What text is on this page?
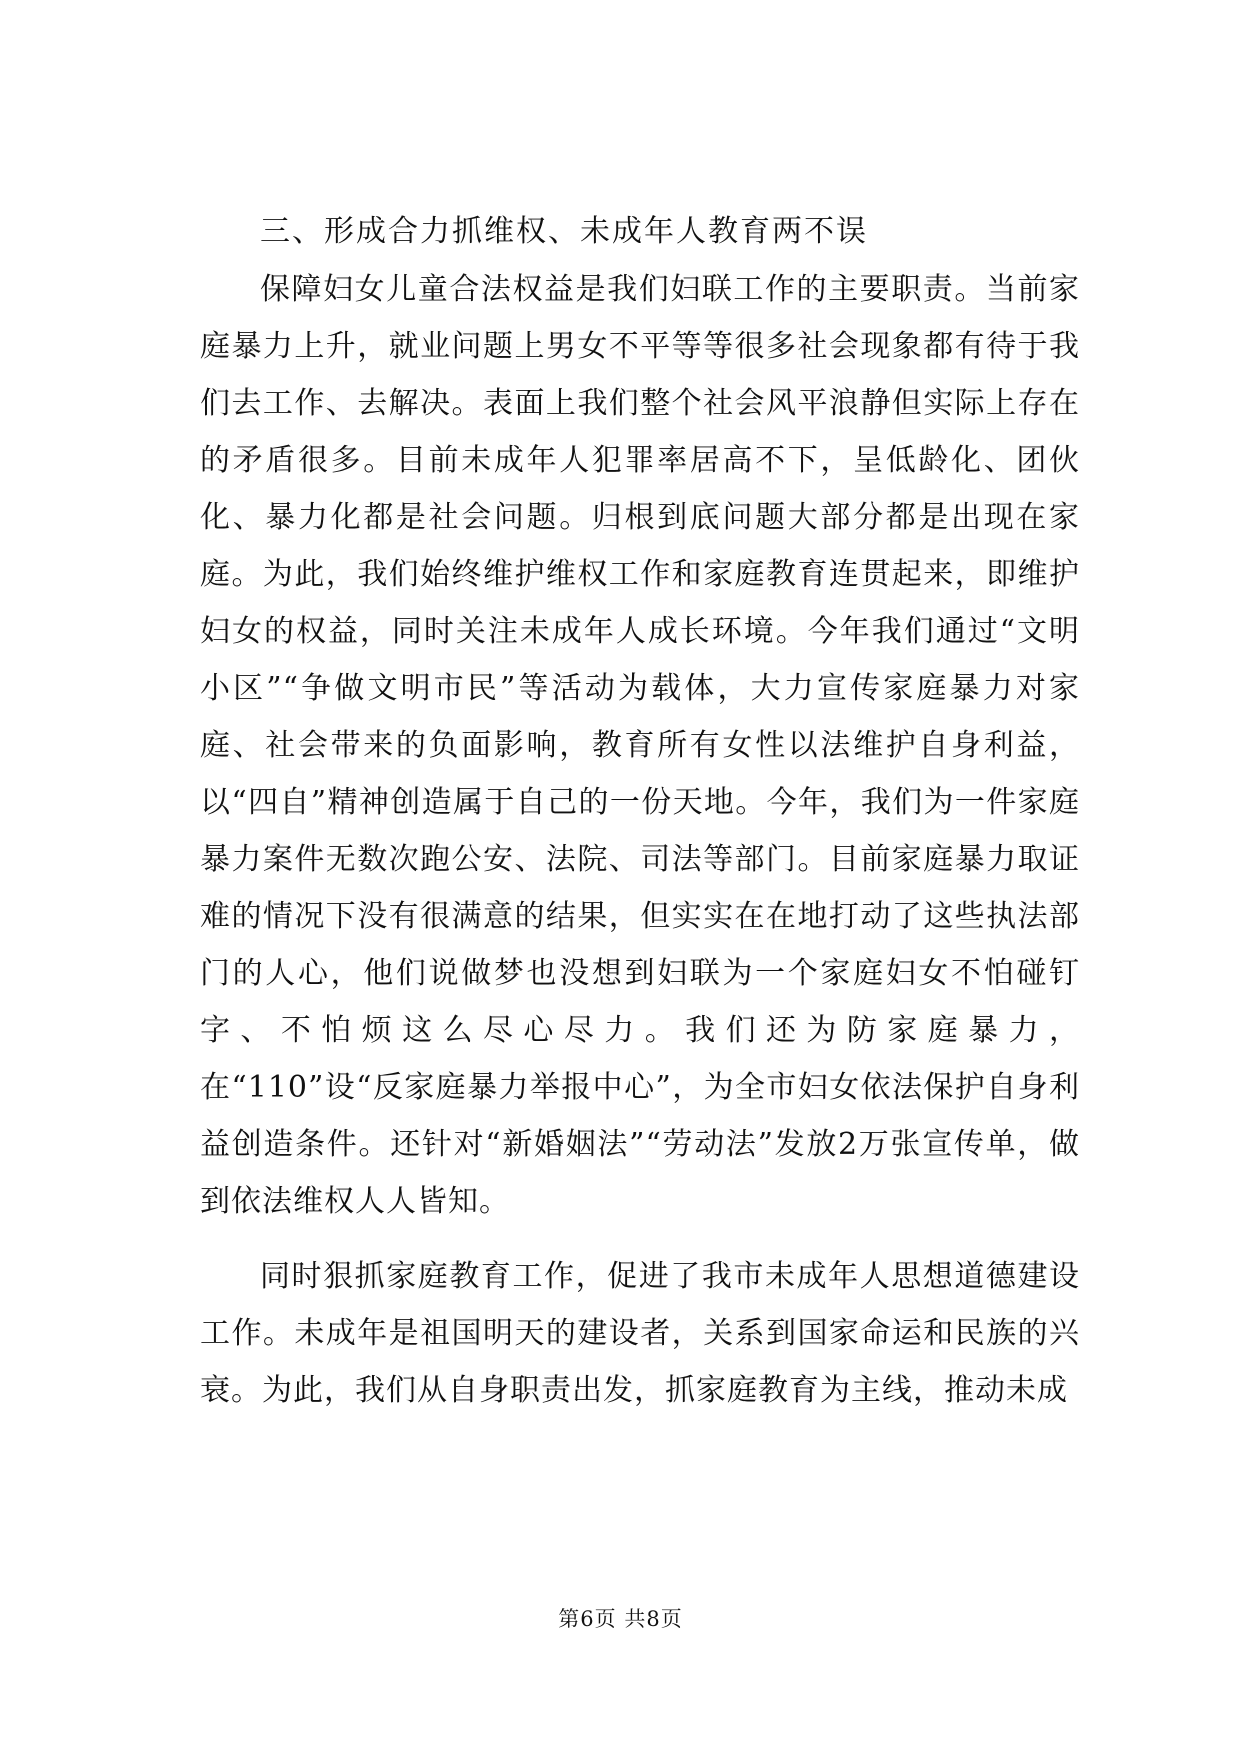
三、形成合力抓维权、未成年人教育两不误

保障妇女儿童合法权益是我们妇联工作的主要职责。当前家庭暴力上升，就业问题上男女不平等等很多社会现象都有待于我们去工作、去解决。表面上我们整个社会风平浪静但实际上存在的矛盾很多。目前未成年人犯罪率居高不下，呈低龄化、团伙化、暴力化都是社会问题。归根到底问题大部分都是出现在家庭。为此，我们始终维护维权工作和家庭教育连贯起来，即维护妇女的权益，同时关注未成年人成长环境。今年我们通过“文明小区”“争做文明市民”等活动为载体，大力宣传家庭暴力对家庭、社会带来的负面影响，教育所有女性以法维护自身利益，以“四自”精神创造属于自己的一份天地。今年，我们为一件家庭暴力案件无数次跑公安、法院、司法等部门。目前家庭暴力取证难的情况下没有很满意的结果，但实实在在地打动了这些执法部门的人心，他们说做梦也没想到妇联为一个家庭妇女不怕碰钉字、不怕烦这么尽心尽力。我们还为防家庭暴力，在“110”设“反家庭暴力举报中心”，为全市妇女依法保护自身利益创造条件。还针对“新婚姻法”“劳动法”发放2万张宣传单，做到依法维权人人皆知。

同时狠抓家庭教育工作，促进了我市未成年人思想道德建设工作。未成年是祖国明天的建设者，关系到国家命运和民族的兴衰。为此，我们从自身职责出发，抓家庭教育为主线，推动未成

第6页 共8页
